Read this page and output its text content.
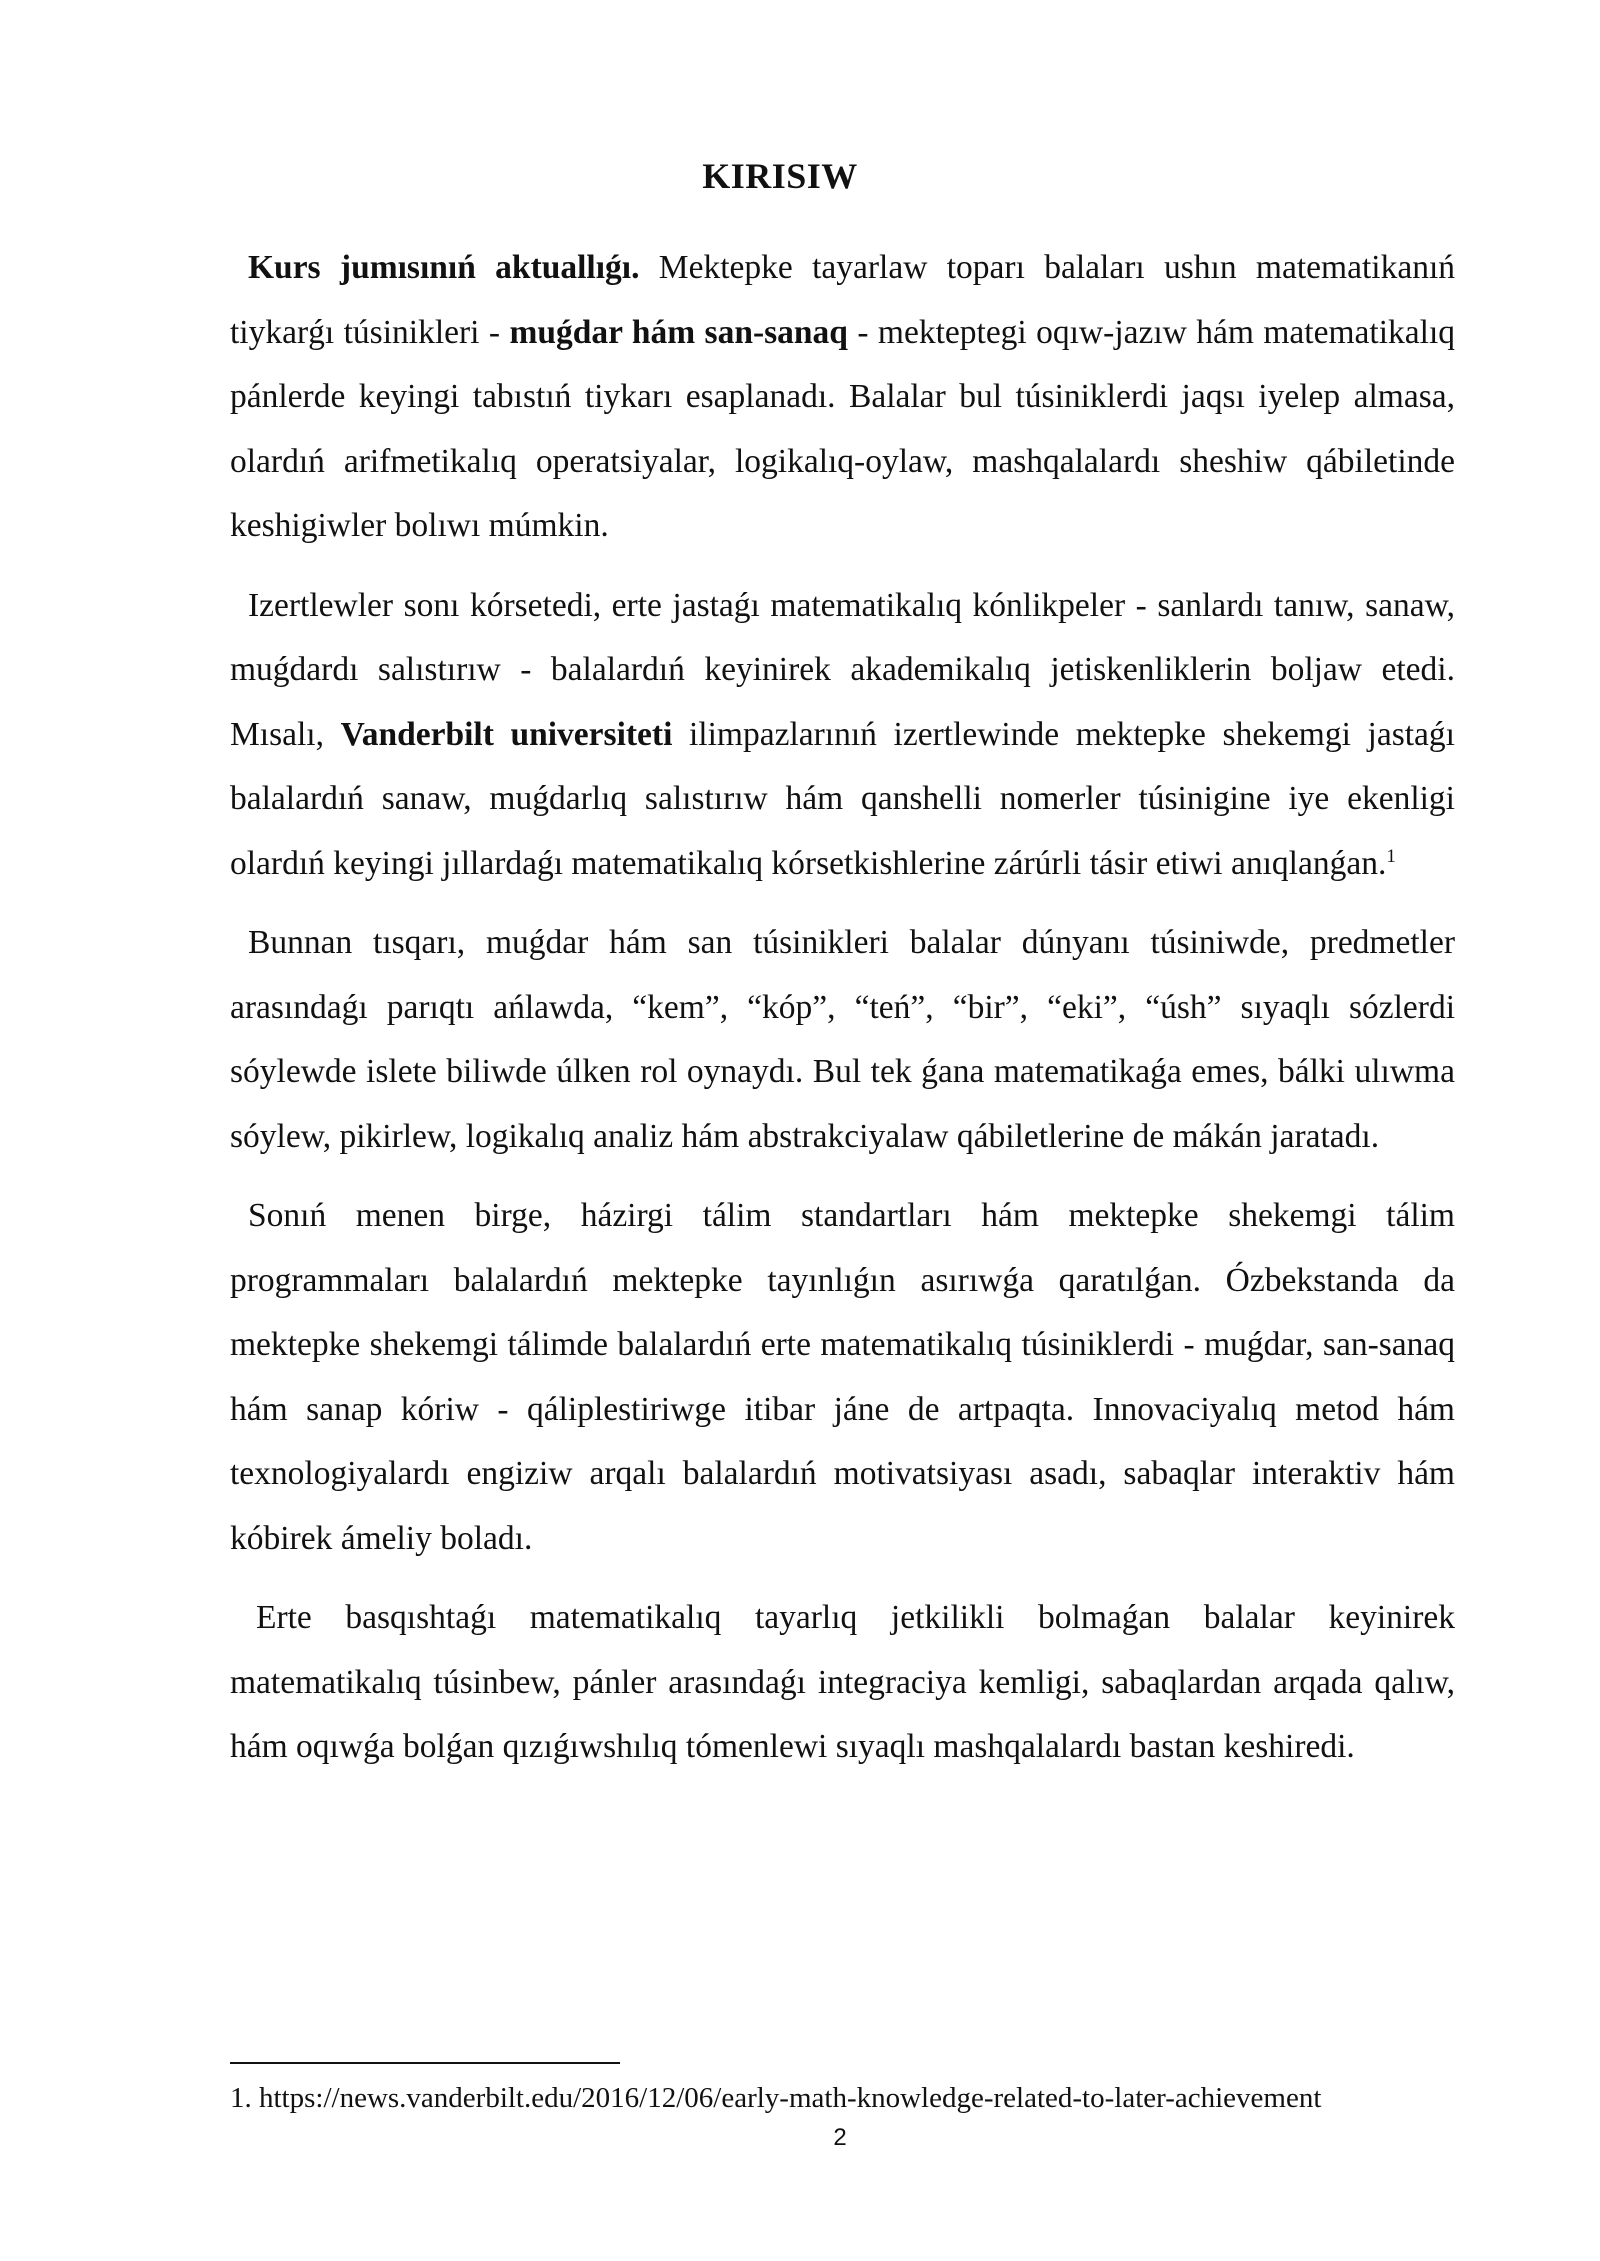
KIRISIW

Kurs jumısınıń aktuallıǵı. Mektepke tayarlaw toparı balaları ushın matematikanıń tiykarǵı túsinikleri - muǵdar hám san-sanaq - mekteptegi oqıw-jazıw hám matematikalıq pánlerde keyingi tabıstıń tiykarı esaplanadı. Balalar bul túsiniklerdi jaqsı iyelep almasa, olardıń arifmetikalıq operatsiyalar, logikalıq-oylaw, mashqalalardı sheshiw qábiletinde keshigiwler bolıwı múmkin.

Izertlewler sonı kórsetedi, erte jastaǵı matematikalıq kónlikpeler - sanlardı tanıw, sanaw, muǵdardı salıstırıw - balalardıń keyinirek akademikalıq jetiskenliklerin boljaw etedi. Mısalı, Vanderbilt universiteti ilimpazlarınıń izertlewinde mektepke shekemgi jastaǵı balalardıń sanaw, muǵdarlıq salıstırıw hám qanshelli nomerler túsinigine iye ekenligi olardıń keyingi jıllardaǵı matematikalıq kórsetkishlerine zárúrli tásir etiwi anıqlanǵan.$^1$

Bunnan tısqarı, muǵdar hám san túsinikleri balalar dúnyanı túsiniwde, predmetler arasındaǵı parıqtı ańlawda, “kem”, “kóp”, “teń”, “bir”, “eki”, “úsh” sıyaqlı sózlerdi sóylewde islete biliwde úlken rol oynaydı. Bul tek ǵana matematikaǵa emes, bálki ulıwma sóylew, pikirlew, logikalıq analiz hám abstrakciyalaw qábiletlerine de mákán jaratadı.

Sonıń menen birge, házirgi tálim standartları hám mektepke shekemgi tálim programmaları balalardıń mektepke tayınlıǵın asırıwǵa qaratılǵan. Ózbekstanda da mektepke shekemgi tálimde balalardıń erte matematikalıq túsiniklerdi - muǵdar, san-sanaq hám sanap kóriw - qáliplestiriwge itibar jáne de artpaqta. Innovaciyalıq metod hám texnologiyalardı engiziw arqalı balalardıń motivatsiyası asadı, sabaqlar interaktiv hám kóbirek ámeliy boladı.

Erte basqıshtaǵı matematikalıq tayarlıq jetkilikli bolmaǵan balalar keyinirek matematikalıq túsinbew, pánler arasındaǵı integraciya kemligi, sabaqlardan arqada qalıw, hám oqıwǵa bolǵan qızıǵıwshılıq tómenlewi sıyaqlı mashqalalardı bastan keshiredi.

1. https://news.vanderbilt.edu/2016/12/06/early-math-knowledge-related-to-later-achievement
2
